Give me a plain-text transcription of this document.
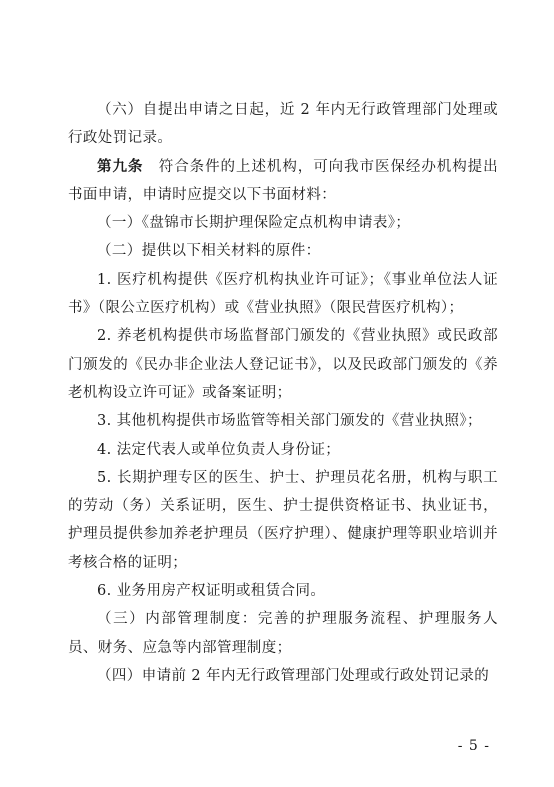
（六）自提出申请之日起，近 2 年内无行政管理部门处理或行政处罚记录。

第九条　符合条件的上述机构，可向我市医保经办机构提出书面申请，申请时应提交以下书面材料：

（一）《盘锦市长期护理保险定点机构申请表》；

（二）提供以下相关材料的原件：

1. 医疗机构提供《医疗机构执业许可证》；《事业单位法人证书》（限公立医疗机构）或《营业执照》（限民营医疗机构）；

2. 养老机构提供市场监督部门颁发的《营业执照》或民政部门颁发的《民办非企业法人登记证书》，以及民政部门颁发的《养老机构设立许可证》或备案证明；

3. 其他机构提供市场监管等相关部门颁发的《营业执照》；

4. 法定代表人或单位负责人身份证；

5. 长期护理专区的医生、护士、护理员花名册，机构与职工的劳动（务）关系证明，医生、护士提供资格证书、执业证书，护理员提供参加养老护理员（医疗护理）、健康护理等职业培训并考核合格的证明；

6. 业务用房产权证明或租赁合同。

（三）内部管理制度：完善的护理服务流程、护理服务人员、财务、应急等内部管理制度；

（四）申请前 2 年内无行政管理部门处理或行政处罚记录的

- 5 -
